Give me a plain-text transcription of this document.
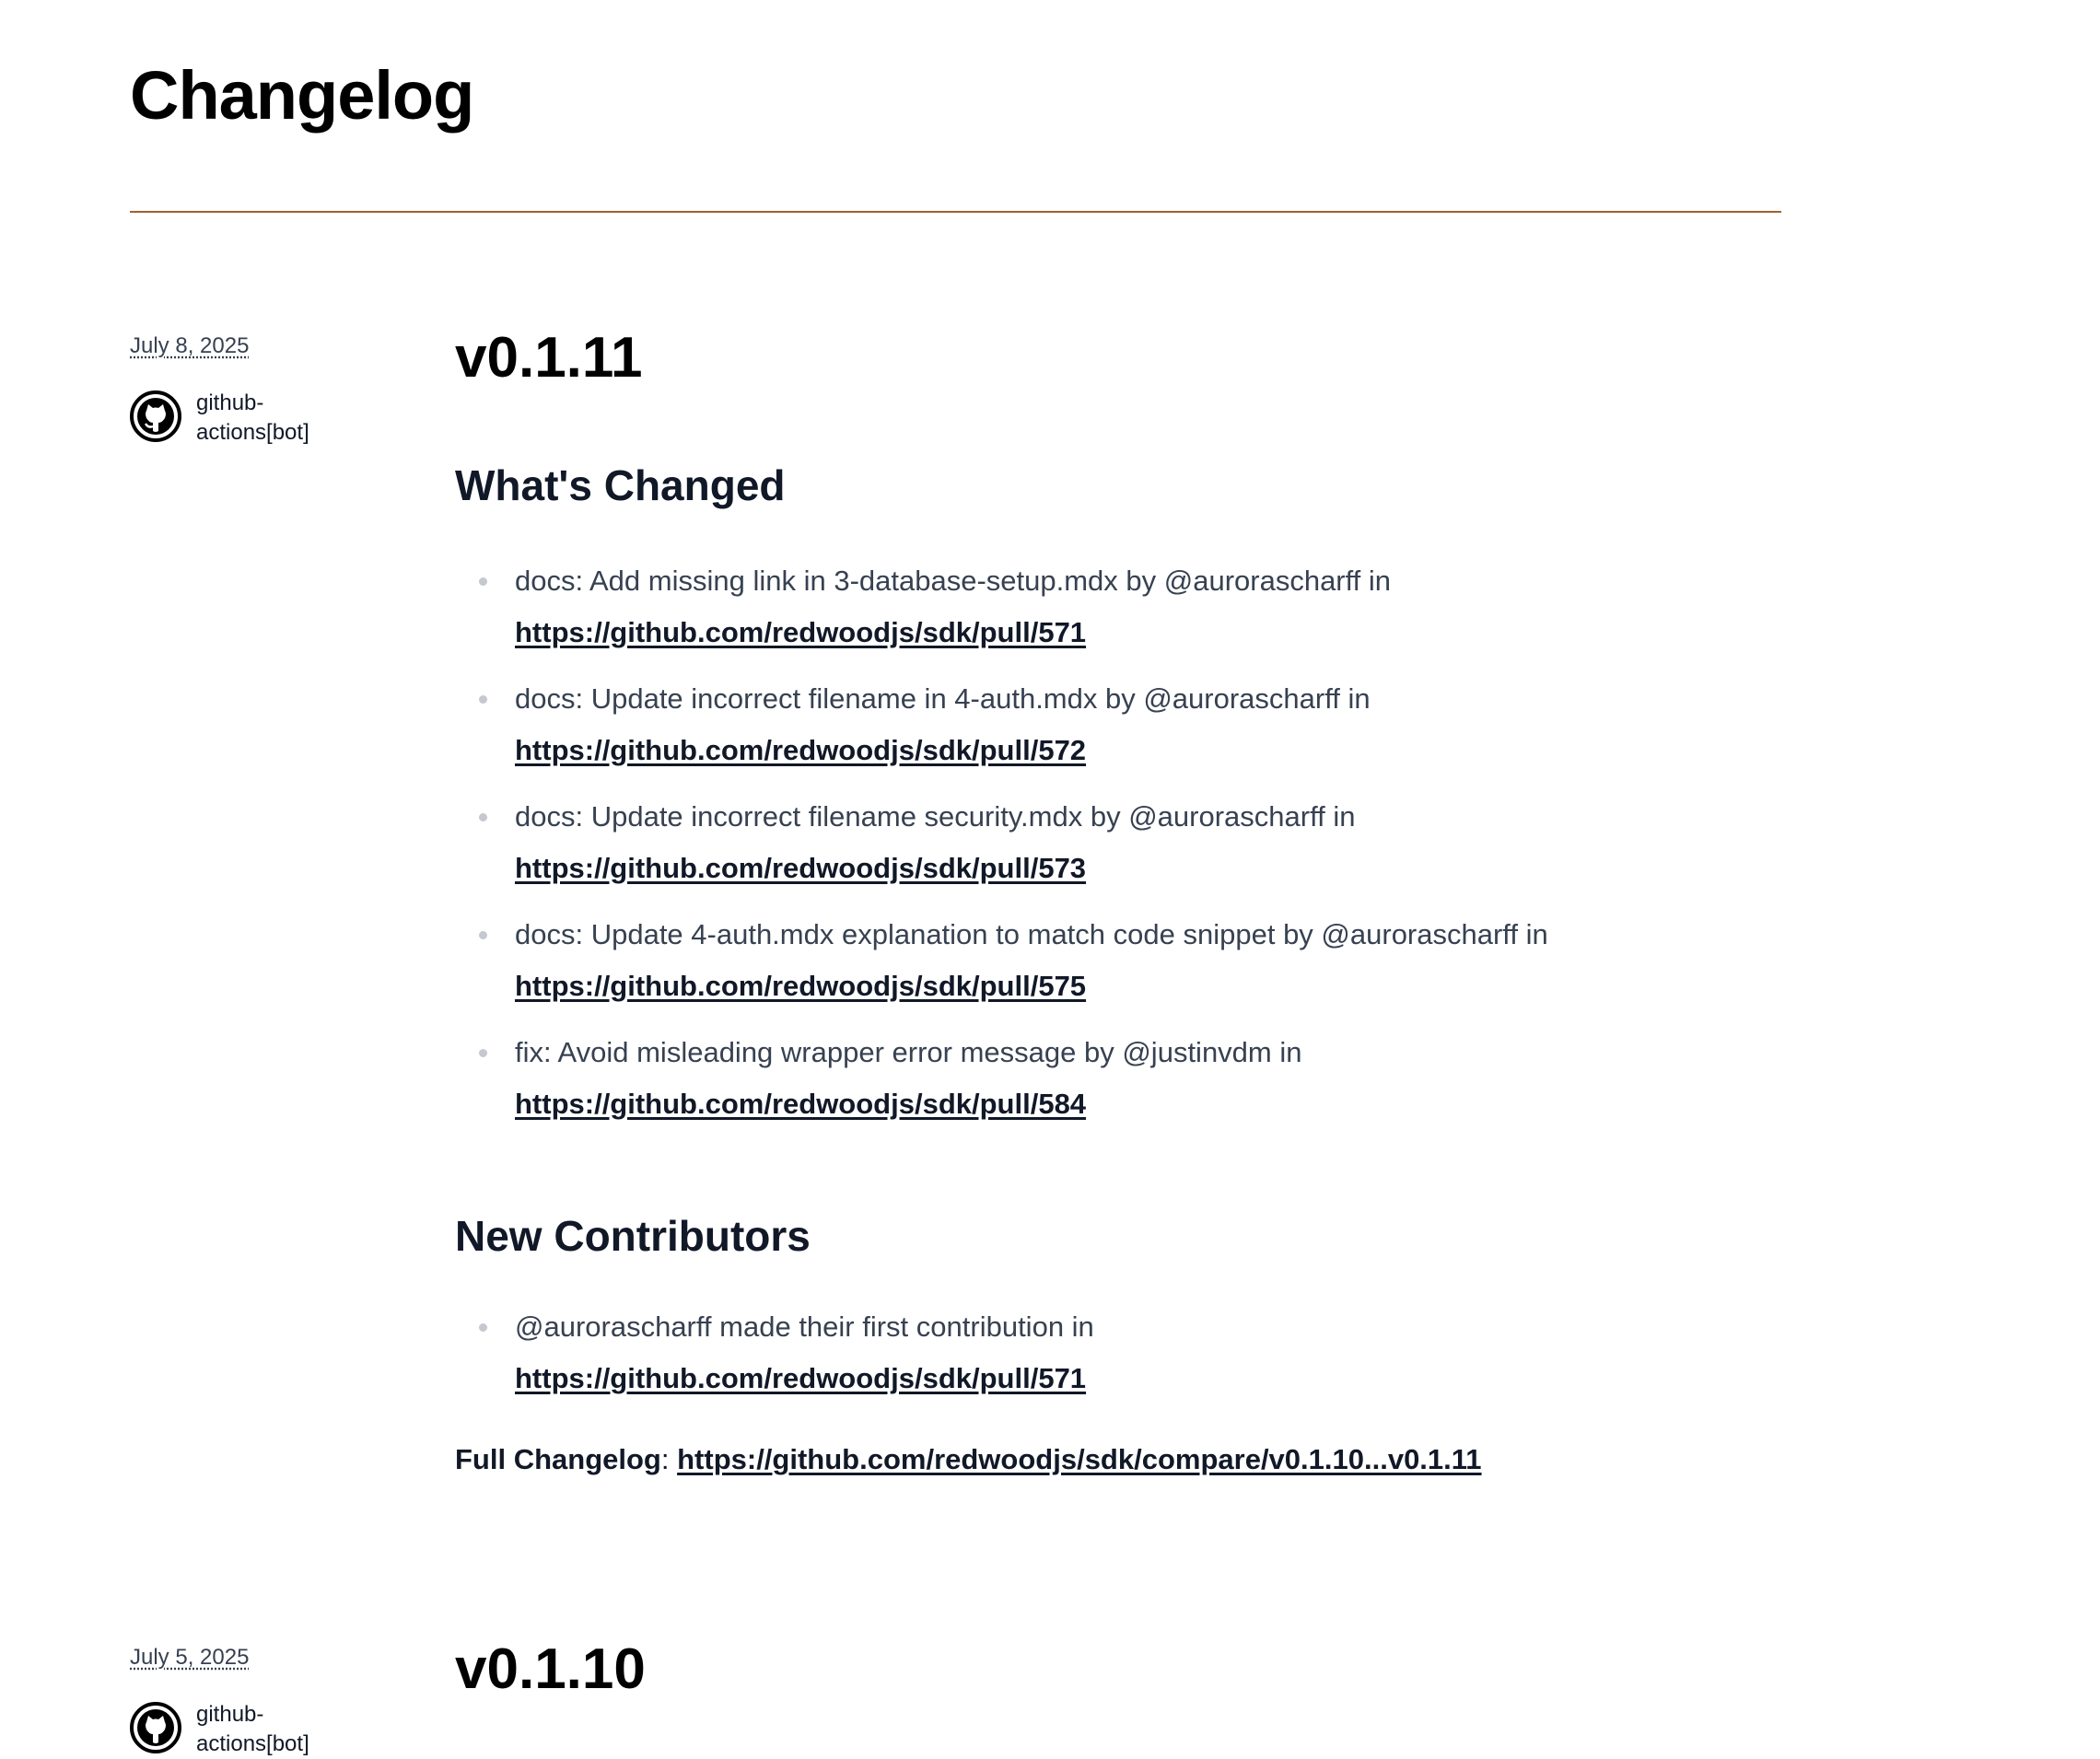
Changelog
July 8, 2025
github-actions[bot]
v0.1.11
What's Changed
docs: Add missing link in 3-database-setup.mdx by @aurorascharff in
https://github.com/redwoodjs/sdk/pull/571
docs: Update incorrect filename in 4-auth.mdx by @aurorascharff in
https://github.com/redwoodjs/sdk/pull/572
docs: Update incorrect filename security.mdx by @aurorascharff in
https://github.com/redwoodjs/sdk/pull/573
docs: Update 4-auth.mdx explanation to match code snippet by @aurorascharff in
https://github.com/redwoodjs/sdk/pull/575
fix: Avoid misleading wrapper error message by @justinvdm in
https://github.com/redwoodjs/sdk/pull/584
New Contributors
@aurorascharff made their first contribution in
https://github.com/redwoodjs/sdk/pull/571

Full Changelog: https://github.com/redwoodjs/sdk/compare/v0.1.10...v0.1.11

July 5, 2025
github-actions[bot]
v0.1.10
